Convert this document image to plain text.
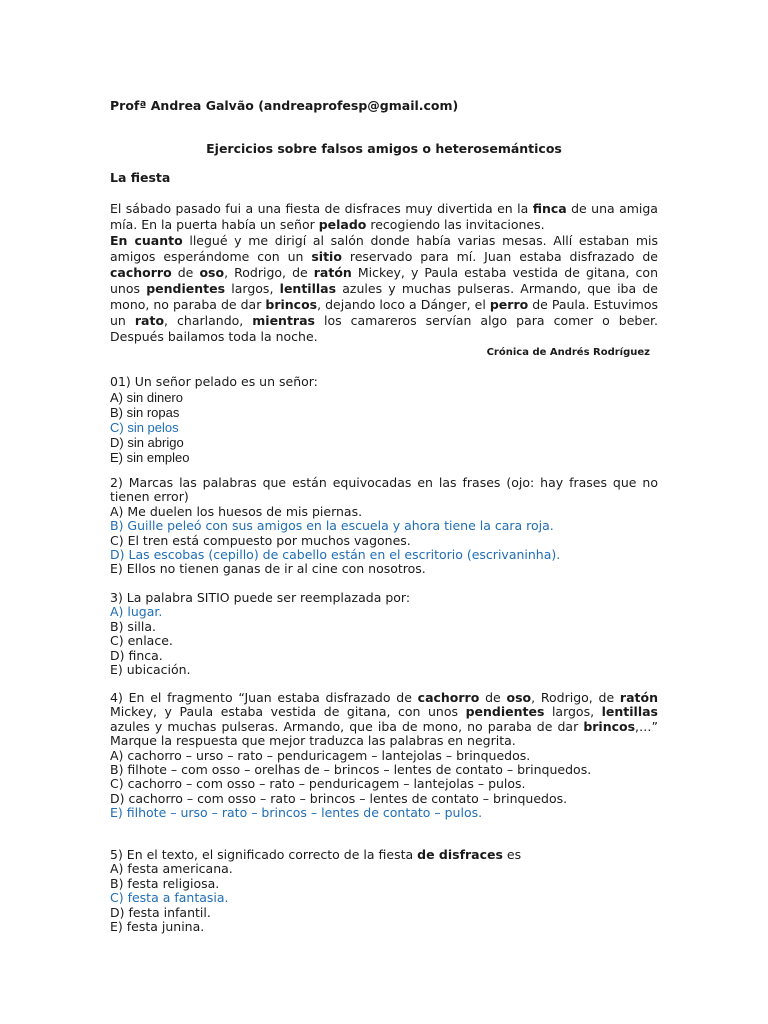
Profª Andrea Galvão (andreaprofesp@gmail.com)
Ejercicios sobre falsos amigos o heterosemánticos
La fiesta

El sábado pasado fui a una fiesta de disfraces muy divertida en la finca de una amiga mía. En la puerta había un señor pelado recogiendo las invitaciones.

En cuanto llegué y me dirigí al salón donde había varias mesas. Allí estaban mis amigos esperándome con un sitio reservado para mí. Juan estaba disfrazado de cachorro de oso, Rodrigo, de ratón Mickey, y Paula estaba vestida de gitana, con unos pendientes largos, lentillas azules y muchas pulseras. Armando, que iba de mono, no paraba de dar brincos, dejando loco a Dánger, el perro de Paula. Estuvimos un rato, charlando, mientras los camareros servían algo para comer o beber. Después bailamos toda la noche.

Crónica de Andrés Rodríguez
01) Un señor pelado es un señor:
A) sin dinero
B) sin ropas
C) sin pelos
D) sin abrigo
E) sin empleo
2) Marcas las palabras que están equivocadas en las frases (ojo: hay frases que no tienen error)
A) Me duelen los huesos de mis piernas.
B) Guille peleó con sus amigos en la escuela y ahora tiene la cara roja.
C) El tren está compuesto por muchos vagones.
D) Las escobas (cepillo) de cabello están en el escritorio (escrivaninha).
E) Ellos no tienen ganas de ir al cine con nosotros.
3) La palabra SITIO puede ser reemplazada por:
A) lugar.
B) silla.
C) enlace.
D) finca.
E) ubicación.

4) En el fragmento “Juan estaba disfrazado de cachorro de oso, Rodrigo, de ratón Mickey, y Paula estaba vestida de gitana, con unos pendientes largos, lentillas azules y muchas pulseras. Armando, que iba de mono, no paraba de dar brincos,…” Marque la respuesta que mejor traduzca las palabras en negrita.

A) cachorro – urso – rato – penduricagem – lantejolas – brinquedos.
B) filhote – com osso – orelhas de – brincos – lentes de contato – brinquedos.
C) cachorro – com osso – rato – penduricagem – lantejolas – pulos.
D) cachorro – com osso – rato – brincos – lentes de contato – brinquedos.
E) filhote – urso – rato – brincos – lentes de contato – pulos.

5) En el texto, el significado correcto de la fiesta de disfraces es

A) festa americana.
B) festa religiosa.
C) festa a fantasia.
D) festa infantil.
E) festa junina.
